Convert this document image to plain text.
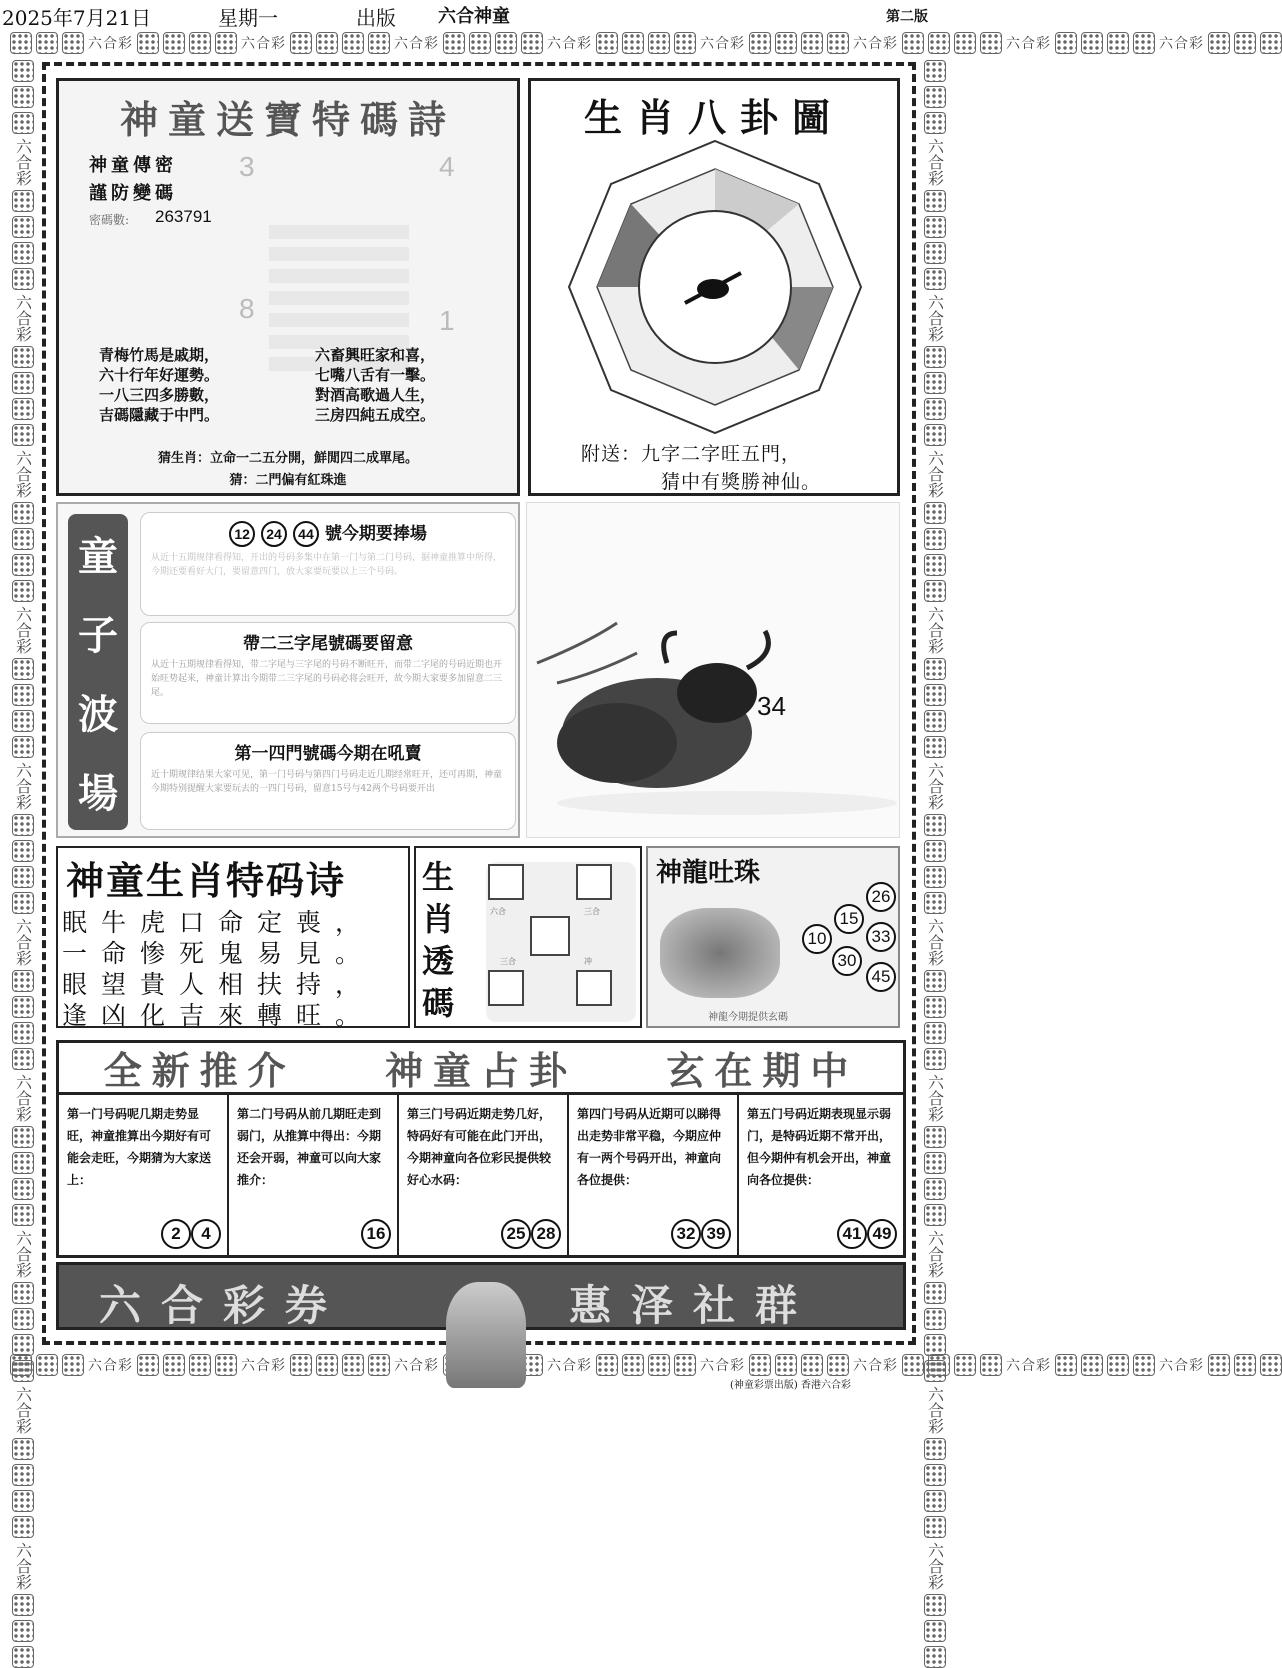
2025年7月21日	星期一	出版 六合神童	第二版
六合彩	六合彩	六合彩	六合彩	六合彩	六合彩	六合彩	六合彩
六合彩	六合彩	六合彩	六合彩	六合彩	六合彩	六合彩	六合彩
六合彩
六合彩
六合彩
六合彩
六合彩
六合彩
六合彩
六合彩
六合彩
六合彩
六合彩
六合彩
六合彩
六合彩
六合彩
六合彩
六合彩
六合彩
六合彩
六合彩
神童送寶特碼詩
神童傳密
謹防變碼
密碼數: 263791
3	4
8	1
青梅竹馬是戚期，
六十行年好運勢。
一八三四多勝數，
吉碼隱藏于中門。
六畜興旺家和喜，
七嘴八舌有一擊。
對酒高歌過人生，
三房四純五成空。
猜生肖：立命一二五分開，鮮閒四二成單尾。
猜：二門偏有紅珠進
生肖八卦圖
附送：九字二字旺五門，
猜中有獎勝神仙。
童
子
波
場
12 24 44 號今期要捧場
从近十五期规律看得知，开出的号码多集中在第一门与第二门号码，据神童推算中所得，今期还要看好大门，要留意四门，放大家要玩要以上三个号码。
帶二三字尾號碼要留意
从近十五期规律看得知，带二字尾与三字尾的号码不断旺开，而带二字尾的号码近期也开始旺势起来，神童计算出今期带二三字尾的号码必将会旺开，故今期大家要多加留意二三尾。
第一四門號碼今期在吼賣
近十期规律结果大家可见，第一门号码与第四门号码走近几期经常旺开，还可再期，神童今期特别提醒大家要玩去的一四门号码，留意15号与42两个号码要开出
34
神童生肖特码诗
眠牛虎口命定喪，
一命惨死鬼易見。
眼望貴人相扶持，
逢凶化吉來轉旺。
生
肖
透
碼
六合	三合
三合	冲
神龍吐珠
26
15
33
10
30
45
神龍今期提供玄碼
全新推介 神童占卦 玄在期中
第一门号码呢几期走势显旺，神童推算出今期好有可能会走旺，今期猜为大家送上：
2 4
第二门号码从前几期旺走到弱门，从推算中得出：今期还会开弱，神童可以向大家推介：
16
第三门号码近期走势几好，特码好有可能在此门开出，今期神童向各位彩民提供较好心水码：
25 28
第四门号码从近期可以睇得出走势非常平稳，今期应仲有一两个号码开出，神童向各位提供：
32 39
第五门号码近期表现显示弱门，是特码近期不常开出，但今期仲有机会开出，神童向各位提供：
41 49
六合彩券	惠泽社群
(神童彩票出版) 香港六合彩
